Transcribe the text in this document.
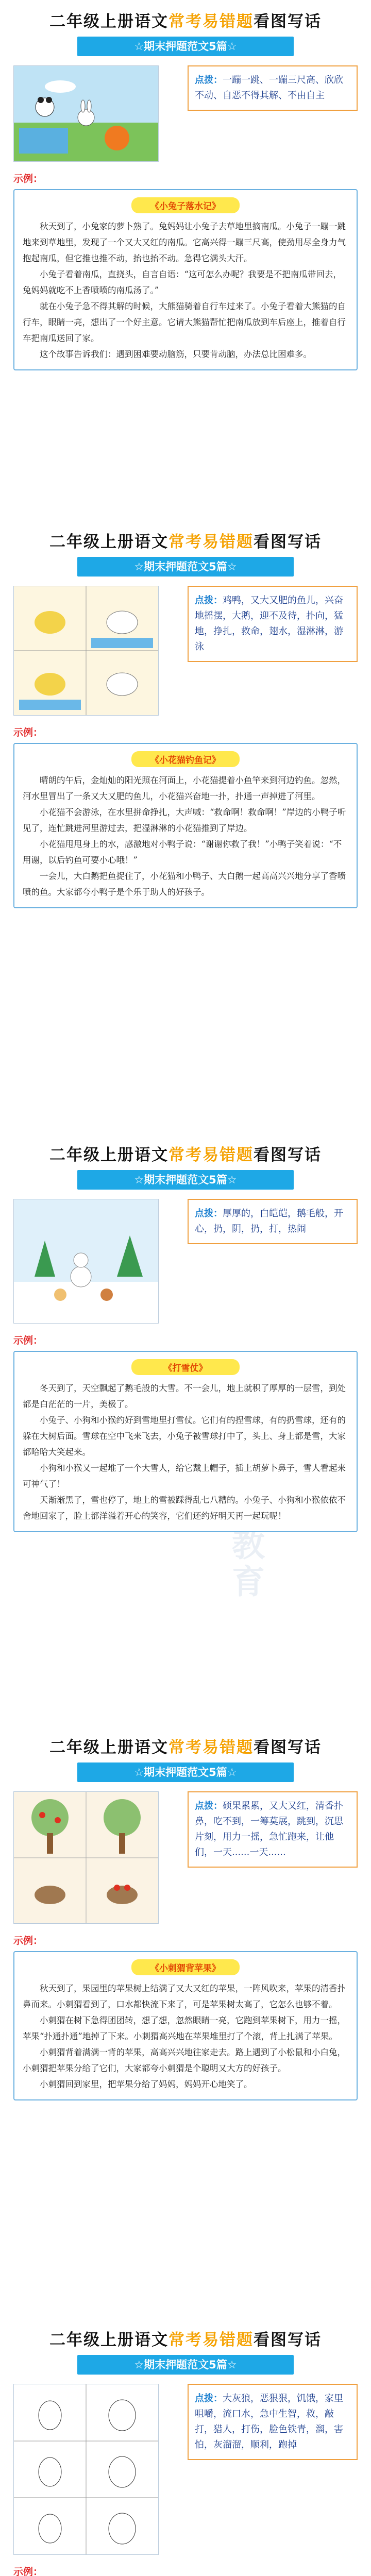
二年级上册语文常考易错题看图写话
☆期末押题范文5篇☆
点拨：一蹦一跳、一蹦三尺高、欣欣不动、自恶不得其解、不由自主
示例：
《小兔子落水记》

秋天到了，小兔家的萝卜熟了。兔妈妈让小兔子去草地里摘南瓜。小兔子一蹦一跳地来到草地里，发现了一个又大又红的南瓜。它高兴得一蹦三尺高，使劲用尽全身力气抱起南瓜，但它推也推不动，抬也抬不动。急得它满头大汗。

小兔子看着南瓜，直挠头，自言自语：“这可怎么办呢？我要是不把南瓜带回去，兔妈妈就吃不上香喷喷的南瓜汤了。”

就在小兔子急不得其解的时候，大熊猫骑着自行车过来了。小兔子看着大熊猫的自行车，眼睛一亮，想出了一个好主意。它请大熊猫帮忙把南瓜放到车后座上，推着自行车把南瓜送回了家。

这个故事告诉我们：遇到困难要动脑筋，只要肯动脑，办法总比困难多。

二年级上册语文常考易错题看图写话
☆期末押题范文5篇☆
点拨：鸡鸭，又大又肥的鱼儿，兴奋地摇摆，大鹅，迎不及待，扑向，猛地，挣扎，救命，翅水，湿淋淋，游泳
示例：
《小花猫钓鱼记》

晴朗的午后，金灿灿的阳光照在河面上，小花猫提着小鱼竿来到河边钓鱼。忽然，河水里冒出了一条又大又肥的鱼儿，小花猫兴奋地一扑，扑通一声掉进了河里。

小花猫不会游泳，在水里拼命挣扎，大声喊：“救命啊！救命啊！”岸边的小鸭子听见了，连忙跳进河里游过去，把湿淋淋的小花猫推到了岸边。

小花猫甩甩身上的水，感激地对小鸭子说：“谢谢你救了我！”小鸭子笑着说：“不用谢，以后钓鱼可要小心哦！”

一会儿，大白鹅把鱼捉住了，小花猫和小鸭子、大白鹅一起高高兴兴地分享了香喷喷的鱼。大家都夸小鸭子是个乐于助人的好孩子。

二年级上册语文常考易错题看图写话
☆期末押题范文5篇☆
点拨：厚厚的，白皑皑，鹅毛般，开心，扔，阴，扔，打，热闹
示例：
《打雪仗》

冬天到了，天空飘起了鹅毛般的大雪。不一会儿，地上就积了厚厚的一层雪，到处都是白茫茫的一片，美极了。

小兔子、小狗和小猴约好到雪地里打雪仗。它们有的捏雪球，有的扔雪球，还有的躲在大树后面。雪球在空中飞来飞去，小兔子被雪球打中了，头上、身上都是雪，大家都哈哈大笑起来。

小狗和小猴又一起堆了一个大雪人，给它戴上帽子，插上胡萝卜鼻子，雪人看起来可神气了！

天渐渐黑了，雪也停了，地上的雪被踩得乱七八糟的。小兔子、小狗和小猴依依不舍地回家了，脸上都洋溢着开心的笑容，它们还约好明天再一起玩呢！

二年级上册语文常考易错题看图写话
☆期末押题范文5篇☆
点拨：硕果累累，又大又红，清香扑鼻，吃不到，一筹莫展，跳到，沉思片刻，用力一摇，急忙跑来，让他们，一天......一天......
示例：
《小刺猬背苹果》

秋天到了，果园里的苹果树上结满了又大又红的苹果，一阵风吹来，苹果的清香扑鼻而来。小刺猬看到了，口水都快流下来了，可是苹果树太高了，它怎么也够不着。

小刺猬在树下急得团团转，想了想，忽然眼睛一亮，它跑到苹果树下，用力一摇，苹果“扑通扑通”地掉了下来。小刺猬高兴地在苹果堆里打了个滚，背上扎满了苹果。

小刺猬背着满满一背的苹果，高高兴兴地往家走去。路上遇到了小松鼠和小白兔，小刺猬把苹果分给了它们，大家都夸小刺猬是个聪明又大方的好孩子。

小刺猬回到家里，把苹果分给了妈妈，妈妈开心地笑了。

二年级上册语文常考易错题看图写话
☆期末押题范文5篇☆
点拨：大灰狼，恶狠狠，饥饿，家里咀嚼，流口水，急中生智，救，敲打，猎人，打伤，脸色铁青，溜，害怕，灰溜溜，顺利，跑掉
示例：
